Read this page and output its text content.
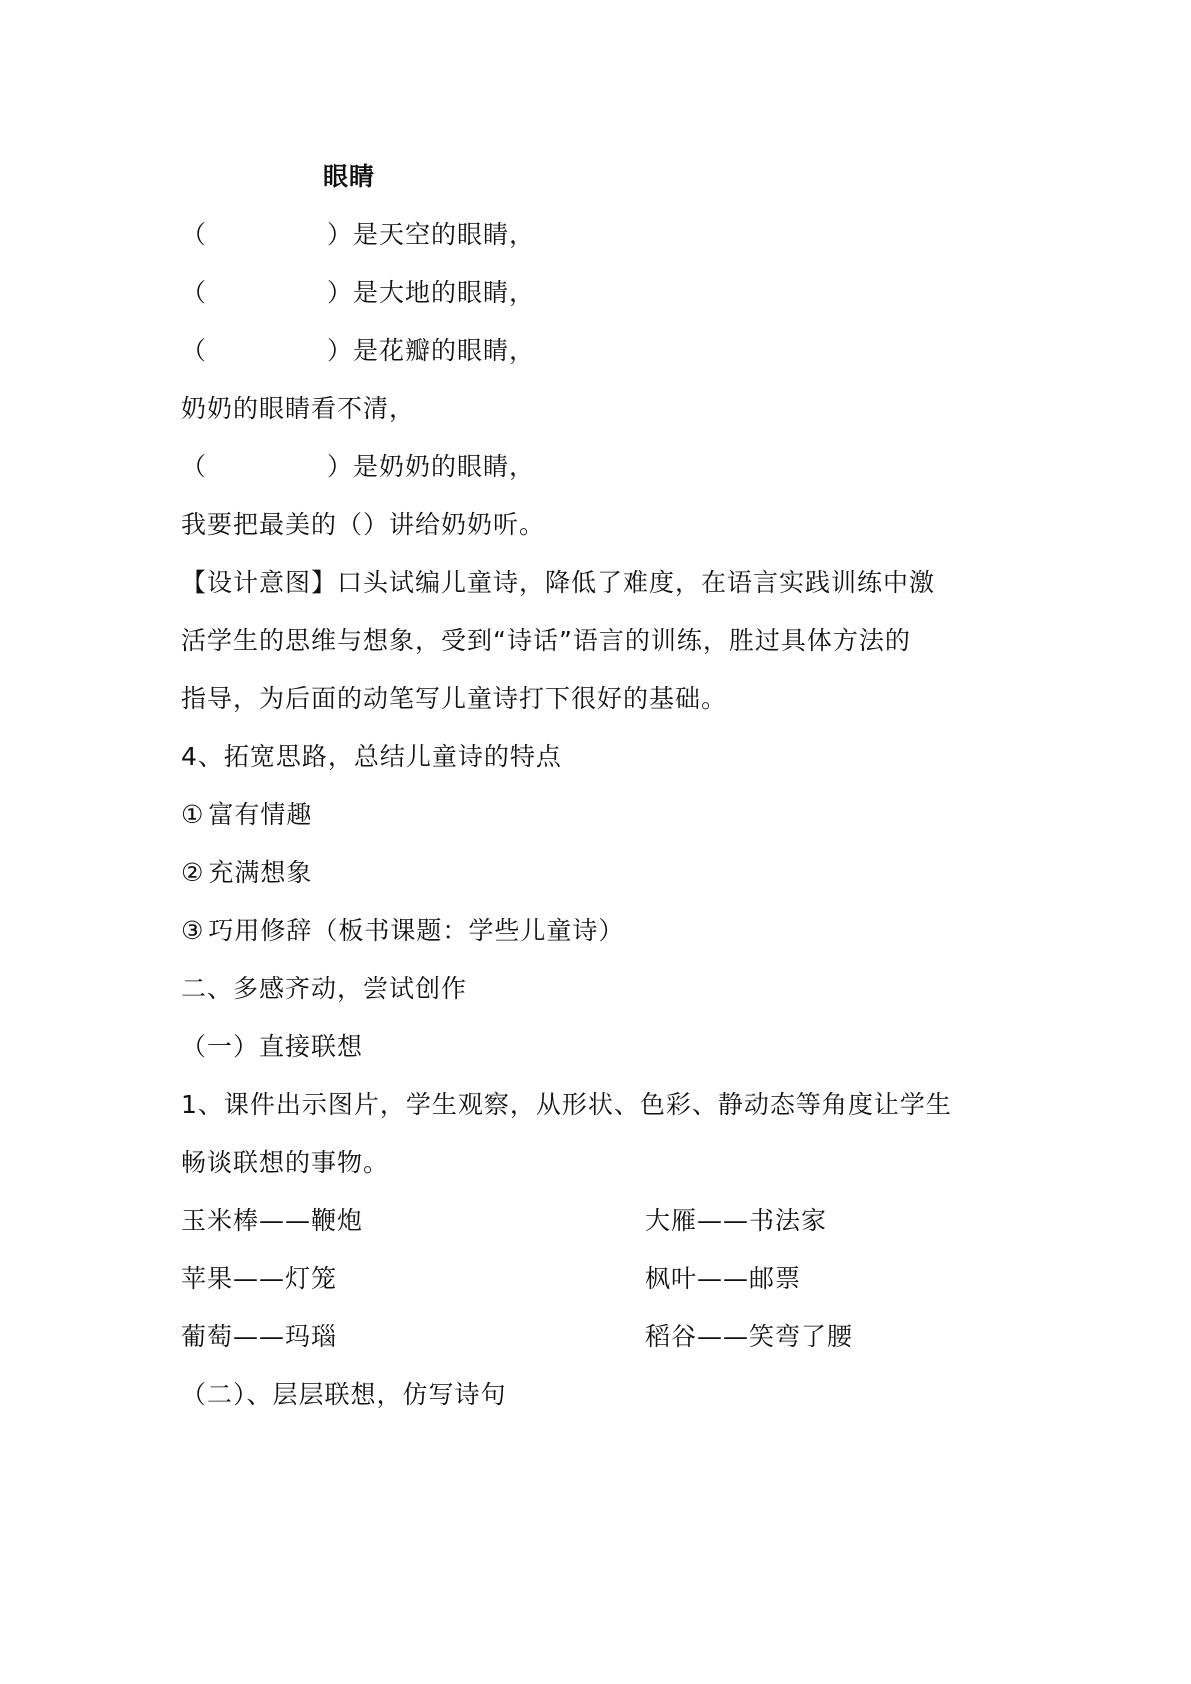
眼睛
（	）是天空的眼睛，
（	）是大地的眼睛，
（	）是花瓣的眼睛，
奶奶的眼睛看不清，
（	）是奶奶的眼睛，
我要把最美的（）讲给奶奶听。
【设计意图】口头试编儿童诗，降低了难度，在语言实践训练中激
活学生的思维与想象，受到“诗话”语言的训练，胜过具体方法的
指导，为后面的动笔写儿童诗打下很好的基础。
4、拓宽思路，总结儿童诗的特点
① 富有情趣
② 充满想象
③ 巧用修辞（板书课题：学些儿童诗）
二、多感齐动，尝试创作
（一）直接联想
1、课件出示图片，学生观察，从形状、色彩、静动态等角度让学生
畅谈联想的事物。
玉米棒——鞭炮	大雁——书法家
苹果——灯笼	枫叶——邮票
葡萄——玛瑙	稻谷——笑弯了腰
（二）、层层联想，仿写诗句
